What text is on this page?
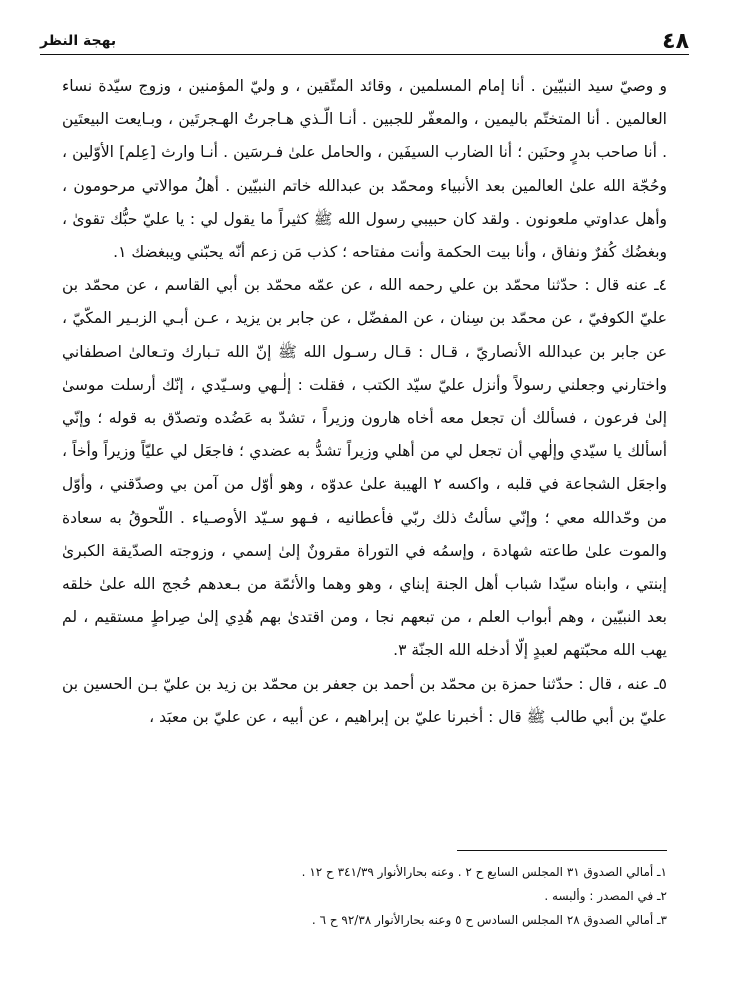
٤٨
بهجة النظر

و وصيّ سيد النبيّين . أنا إمام المسلمين ، وقائد المتّقين ، و وليّ المؤمنين ، وزوج سيّدة نساء العالمين . أنا المتختّم باليمين ، والمعفّر للجبين . أنـا الّـذي هـاجرتُ الهـجرتَين ، وبـايعت البيعتَين . أنا صاحب بدرٍ وحنَين ؛ أنا الضارب السيفَين ، والحامل علىٰ فـرسَين . أنـا وارث [عِلم] الأوّلين ، وحُجّة الله علىٰ العالمين بعد الأنبياء ومحمّد بن عبدالله خاتم النبيّين . أهلُ موالاتي مرحومون ، وأهل عداوتي ملعونون . ولقد كان حبيبي رسول الله ﷺ كثيراً ما يقول لي : يا عليّ حبُّك تقوىٰ ، وبغضُك كُفرٌ ونفاق ، وأنا بيت الحكمة وأنت مفتاحه ؛ كذب مَن زعم أنّه يحبّني ويبغضك ١.

٤ـ عنه قال : حدّثنا محمّد بن علي رحمه الله ، عن عمّه محمّد بن أبي القاسم ، عن محمّد بن عليّ الكوفيّ ، عن محمّد بن سِنان ، عن المفضّل ، عن جابر بن يزيد ، عـن أبـي الزبـير المكّيّ ، عن جابر بن عبدالله الأنصاريّ ، قـال : قـال رسـول الله ﷺ إنّ الله تـبارك وتـعالىٰ اصطفاني واختارني وجعلني رسولاً وأنزل عليّ سيّد الكتب ، فقلت : إلٰـهي وسـيّدي ، إنّك أرسلت موسىٰ إلىٰ فرعون ، فسألك أن تجعل معه أخاه هارون وزيراً ، تشدّ به عَضُده وتصدّق به قوله ؛ وإنّي أسألك يا سيّدي وإلٰهي أن تجعل لي من أهلي وزيراً تشدُّ به عضدي ؛ فاجعَل لي عليّاً وزيراً وأخاً ، واجعَل الشجاعة في قلبه ، واكسه ٢ الهيبة علىٰ عدوّه ، وهو أوّل من آمن بي وصدّقني ، وأوّل من وحّدالله معي ؛ وإنّي سألتُ ذلك ربّي فأعطانيه ، فـهو سـيّد الأوصـياء . اللّحوقُ به سعادة والموت علىٰ طاعته شهادة ، وإسمُه في التوراة مقرونٌ إلىٰ إسمي ، وزوجته الصدّيقة الكبرىٰ إبنتي ، وابناه سيّدا شباب أهل الجنة إبناي ، وهو وهما والأئمّة من بـعدهم حُجج الله علىٰ خلقه بعد النبيّين ، وهم أبواب العلم ، من تبعهم نجا ، ومن اقتدىٰ بهم هُدِي إلىٰ صِراطٍ مستقيم ، لم يهب الله محبّتهم لعبدٍ إلّا أدخله الله الجنّة ٣.

٥ـ عنه ، قال : حدّثنا حمزة بن محمّد بن أحمد بن جعفر بن محمّد بن زيد بن عليّ بـن الحسين بن عليّ بن أبي طالب ﷺ قال : أخبرنا عليّ بن إبراهيم ، عن أبيه ، عن عليّ بن معبَد ،

١ـ أمالي الصدوق ٣١ المجلس السابع ح ٢ . وعنه بحارالأنوار ٣٤١/٣٩ ح ١٢ .

٢ـ في المصدر : وألبسه .

٣ـ أمالي الصدوق ٢٨ المجلس السادس ح ٥ وعنه بحارالأنوار ٩٢/٣٨ ح ٦ .
